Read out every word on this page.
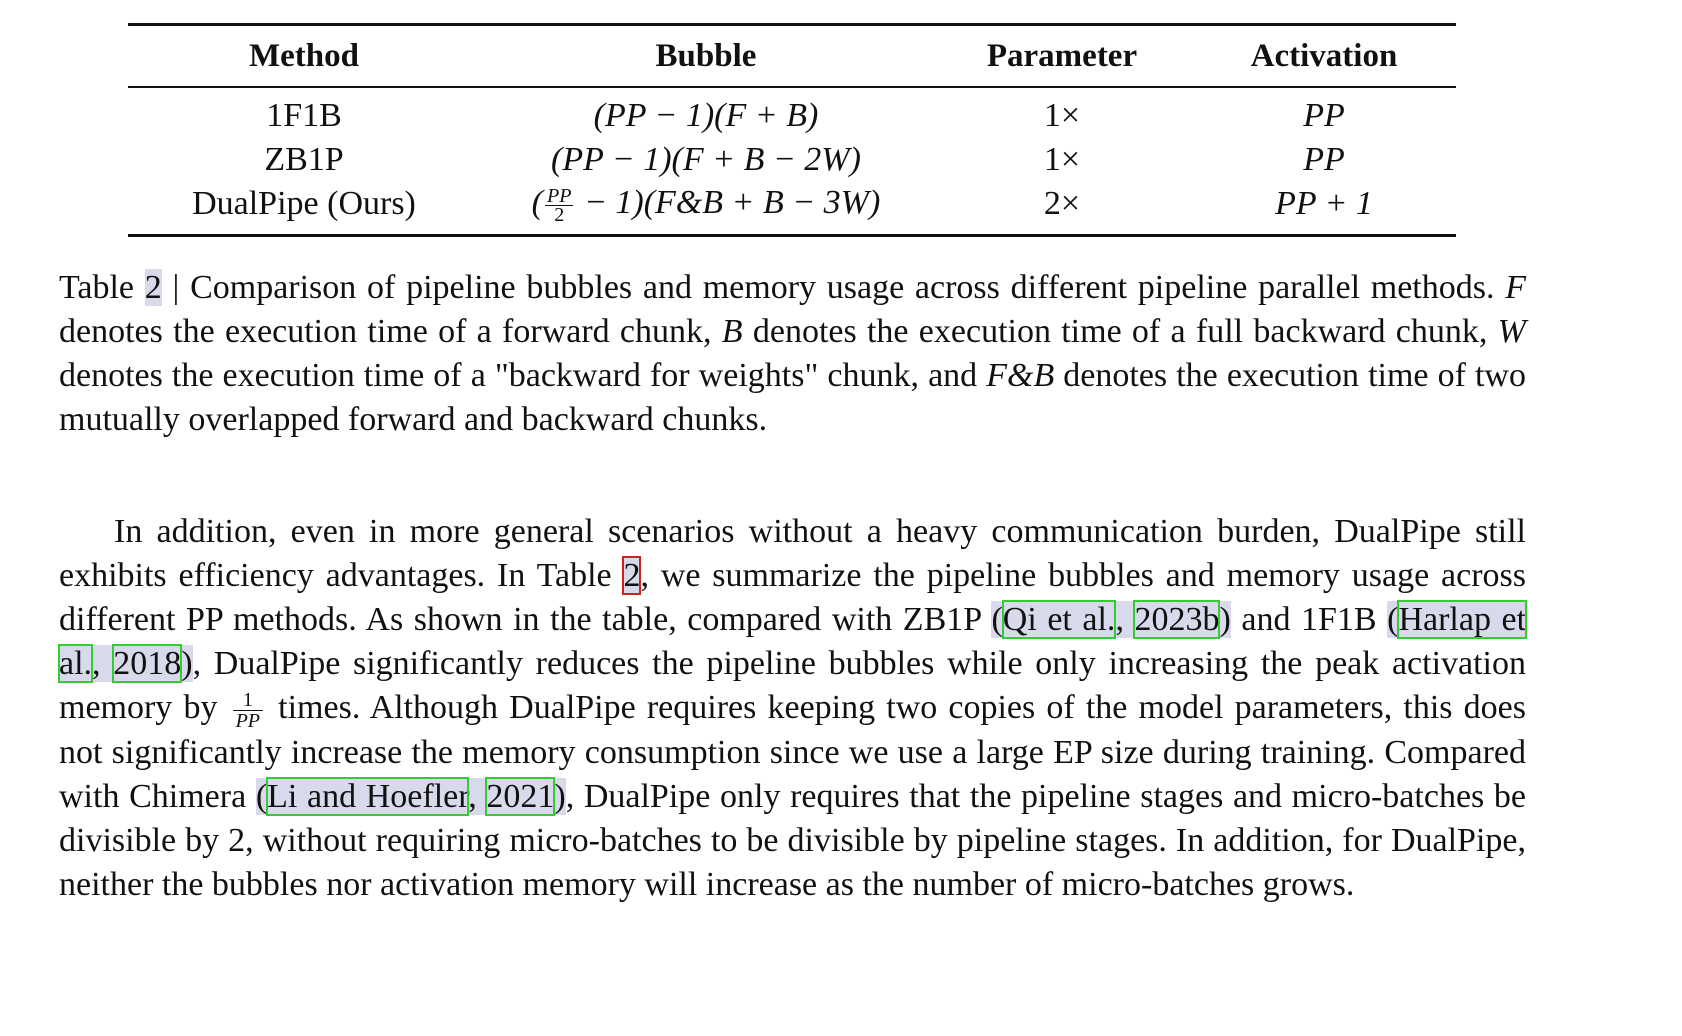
Method	Bubble	Parameter	Activation
1F1B	(PP − 1)(F + B)	1×	PP
ZB1P	(PP − 1)(F + B − 2W)	1×	PP
DualPipe (Ours)	( $\frac{PP}{2}$ − 1)(F&B + B − 3W)	2×	PP + 1
Table 2 | Comparison of pipeline bubbles and memory usage across different pipeline parallel methods. F denotes the execution time of a forward chunk, B denotes the execution time of a full backward chunk, W denotes the execution time of a "backward for weights" chunk, and F&B denotes the execution time of two mutually overlapped forward and backward chunks.
In addition, even in more general scenarios without a heavy communication burden, DualPipe still exhibits efficiency advantages. In Table 2, we summarize the pipeline bubbles and memory usage across different PP methods. As shown in the table, compared with ZB1P (Qi et al., 2023b) and 1F1B (Harlap et al., 2018), DualPipe significantly reduces the pipeline bubbles while only increasing the peak activation memory by $\frac{1}{PP}$ times. Although DualPipe requires keeping two copies of the model parameters, this does not significantly increase the memory consumption since we use a large EP size during training. Compared with Chimera (Li and Hoefler, 2021), DualPipe only requires that the pipeline stages and micro-batches be divisible by 2, without requiring micro-batches to be divisible by pipeline stages. In addition, for DualPipe, neither the bubbles nor activation memory will increase as the number of micro-batches grows.
